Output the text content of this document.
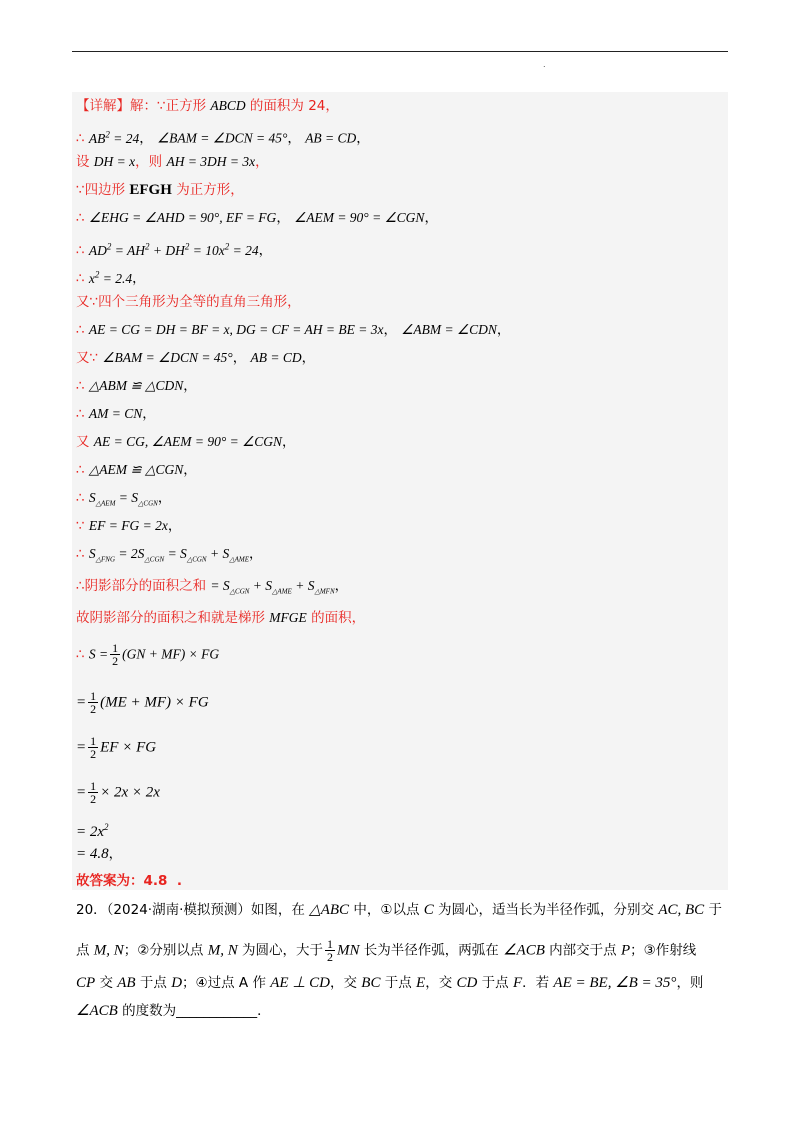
.
【详解】解：∵正方形 ABCD 的面积为 24，
∴ $AB^2 = 24$， ∠BAM = ∠DCN = 45°， AB = CD，
设 DH = x，则 AH = 3DH = 3x，
∵四边形 EFGH 为正方形，
∴ ∠EHG = ∠AHD = 90°, EF = FG， ∠AEM = 90° = ∠CGN，
∴ $AD^2 = AH^2 + DH^2 = 10x^2 = 24$，
∴ $x^2 = 2.4$，
又∵四个三角形为全等的直角三角形，
∴ AE = CG = DH = BF = x, DG = CF = AH = BE = 3x， ∠ABM = ∠CDN，
又∵ ∠BAM = ∠DCN = 45°， AB = CD，
∴ △ABM ≌ △CDN，
∴ AM = CN，
又 AE = CG, ∠AEM = 90° = ∠CGN，
∴ △AEM ≌ △CGN，
∴ $S_{\triangle AEM} = S_{\triangle CGN}$，
∵ EF = FG = 2x，
∴ $S_{\triangle FNG} = 2S_{\triangle CGN} = S_{\triangle CGN} + S_{\triangle AME}$，
∴阴影部分的面积之和 = $S_{\triangle CGN} + S_{\triangle AME} + S_{\triangle MFN}$，
故阴影部分的面积之和就是梯形 MFGE 的面积，
∴ $S = \frac{1}{2} (GN + MF)$ × FG
= $\frac{1}{2} (ME + MF)$ × FG
= $\frac{1}{2}$ EF × FG
= $\frac{1}{2} \times 2x \times 2x$
= $2x^2$
= 4.8，
故答案为：4.8  .
20．（2024·湖南·模拟预测）如图，在 △ABC 中，①以点 C 为圆心，适当长为半径作弧，分别交 AC, BC 于
点 M, N；②分别以点 M, N 为圆心，大于 $\frac{1}{2}$ MN 长为半径作弧，两弧在 ∠ACB 内部交于点 P；③作射线
CP 交 AB 于点 D；④过点 A 作 AE ⊥ CD，交 BC 于点 E，交 CD 于点 F．若 AE = BE, ∠B = 35°，则
∠ACB 的度数为____________．
